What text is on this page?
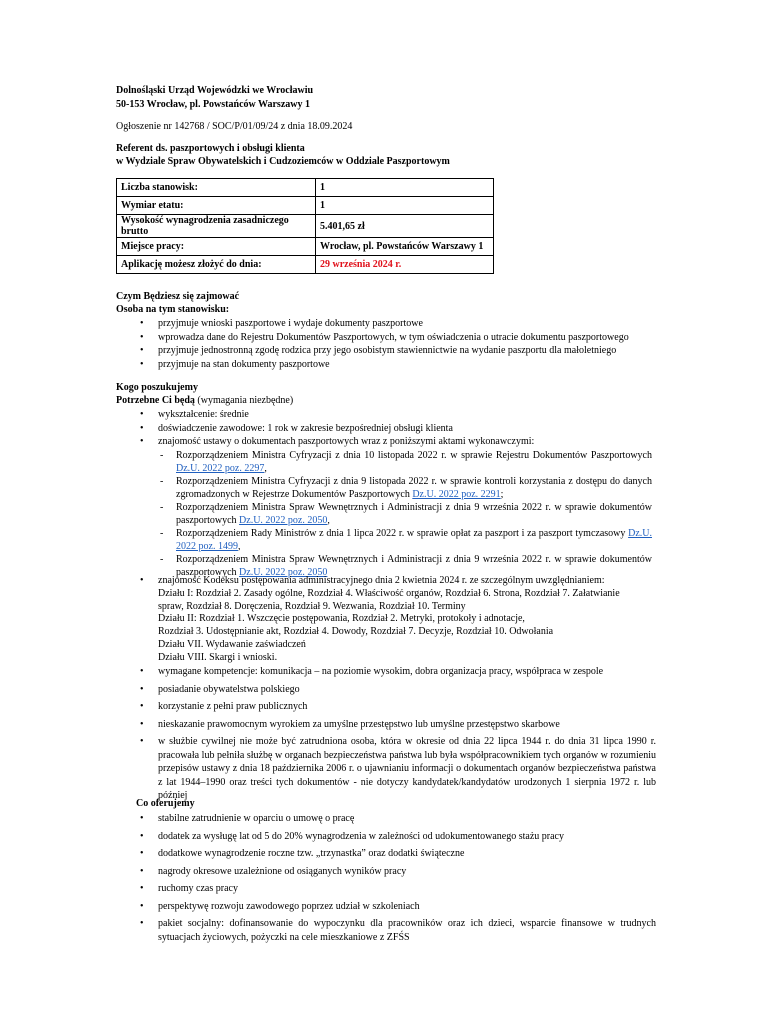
Dolnośląski Urząd Wojewódzki we Wrocławiu
50-153 Wrocław, pl. Powstańców Warszawy 1
Ogłoszenie nr 142768 / SOC/P/01/09/24 z dnia 18.09.2024
Referent ds. paszportowych i obsługi klienta
w Wydziale Spraw Obywatelskich i Cudzoziemców w Oddziale Paszportowym
Liczba stanowisk:	1
Wymiar etatu:	1
Wysokość wynagrodzenia zasadniczego brutto	5.401,65 zł
Miejsce pracy:	Wrocław, pl. Powstańców Warszawy 1
Aplikację możesz złożyć do dnia:	29 września 2024 r.
Czym Będziesz się zajmować
Osoba na tym stanowisku:
• przyjmuje wnioski paszportowe i wydaje dokumenty paszportowe
• wprowadza dane do Rejestru Dokumentów Paszportowych, w tym oświadczenia o utracie dokumentu paszportowego
• przyjmuje jednostronną zgodę rodzica przy jego osobistym stawiennictwie na wydanie paszportu dla małoletniego
• przyjmuje na stan dokumenty paszportowe
Kogo poszukujemy
Potrzebne Ci będą (wymagania niezbędne)
• wykształcenie: średnie
• doświadczenie zawodowe: 1 rok w zakresie bezpośredniej obsługi klienta
• znajomość ustawy o dokumentach paszportowych wraz z poniższymi aktami wykonawczymi:
- Rozporządzeniem Ministra Cyfryzacji z dnia 10 listopada 2022 r. w sprawie Rejestru Dokumentów Paszportowych Dz.U. 2022 poz. 2297,
- Rozporządzeniem Ministra Cyfryzacji z dnia 9 listopada 2022 r. w sprawie kontroli korzystania z dostępu do danych zgromadzonych w Rejestrze Dokumentów Paszportowych Dz.U. 2022 poz. 2291;
- Rozporządzeniem Ministra Spraw Wewnętrznych i Administracji z dnia 9 września 2022 r. w sprawie dokumentów paszportowych Dz.U. 2022 poz. 2050,
- Rozporządzeniem Rady Ministrów z dnia 1 lipca 2022 r. w sprawie opłat za paszport i za paszport tymczasowy Dz.U. 2022 poz. 1499,
- Rozporządzeniem Ministra Spraw Wewnętrznych i Administracji z dnia 9 września 2022 r. w sprawie dokumentów paszportowych Dz.U. 2022 poz. 2050
• znajomość Kodeksu postępowania administracyjnego dnia 2 kwietnia 2024 r. ze szczególnym uwzględnianiem:
Działu I: Rozdział 2. Zasady ogólne, Rozdział 4. Właściwość organów, Rozdział 6. Strona, Rozdział 7. Załatwianie
spraw, Rozdział 8. Doręczenia, Rozdział 9. Wezwania, Rozdział 10. Terminy
Działu II: Rozdział 1. Wszczęcie postępowania, Rozdział 2. Metryki, protokoły i adnotacje,
Rozdział 3. Udostępnianie akt, Rozdział 4. Dowody, Rozdział 7. Decyzje, Rozdział 10. Odwołania
Działu VII. Wydawanie zaświadczeń
Działu VIII. Skargi i wnioski.
• wymagane kompetencje: komunikacja – na poziomie wysokim, dobra organizacja pracy, współpraca w zespole
• posiadanie obywatelstwa polskiego
• korzystanie z pełni praw publicznych
• nieskazanie prawomocnym wyrokiem za umyślne przestępstwo lub umyślne przestępstwo skarbowe
• w służbie cywilnej nie może być zatrudniona osoba, która w okresie od dnia 22 lipca 1944 r. do dnia 31 lipca 1990 r. pracowała lub pełniła służbę w organach bezpieczeństwa państwa lub była współpracownikiem tych organów w rozumieniu przepisów ustawy z dnia 18 października 2006 r. o ujawnianiu informacji o dokumentach organów bezpieczeństwa państwa z lat 1944–1990 oraz treści tych dokumentów - nie dotyczy kandydatek/kandydatów urodzonych 1 sierpnia 1972 r. lub później
Co oferujemy
• stabilne zatrudnienie w oparciu o umowę o pracę
• dodatek za wysługę lat od 5 do 20% wynagrodzenia w zależności od udokumentowanego stażu pracy
• dodatkowe wynagrodzenie roczne tzw. „trzynastka” oraz dodatki świąteczne
• nagrody okresowe uzależnione od osiąganych wyników pracy
• ruchomy czas pracy
• perspektywę rozwoju zawodowego poprzez udział w szkoleniach
• pakiet socjalny: dofinansowanie do wypoczynku dla pracowników oraz ich dzieci, wsparcie finansowe w trudnych sytuacjach życiowych, pożyczki na cele mieszkaniowe z ZFŚS
